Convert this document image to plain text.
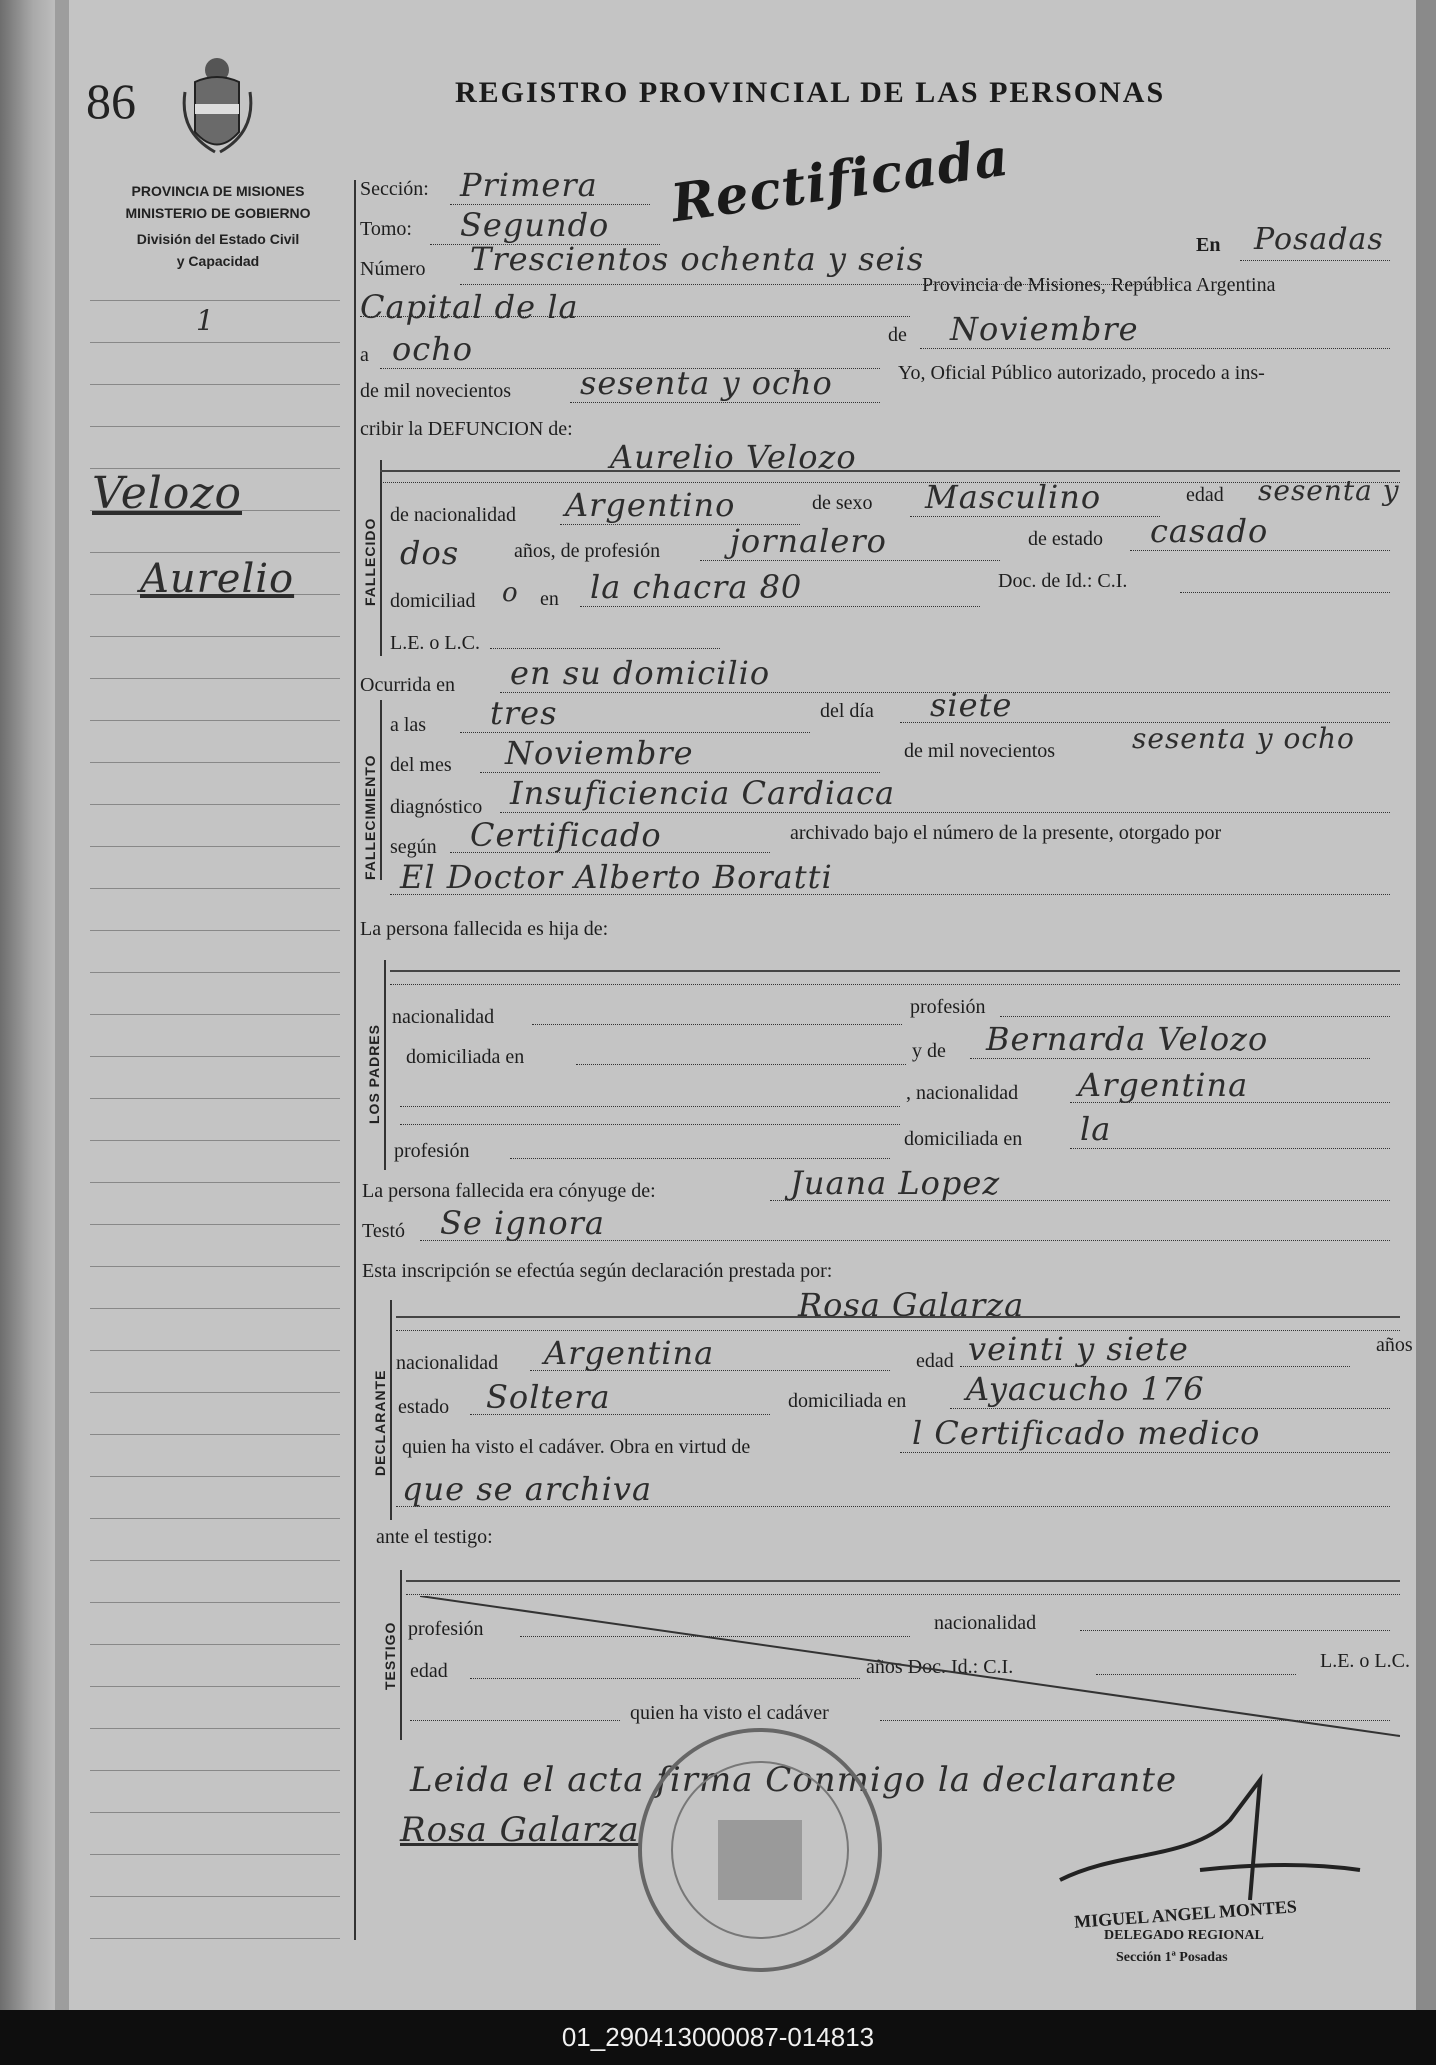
86	REGISTRO PROVINCIAL DE LAS PERSONAS
Rectificada
PROVINCIA DE MISIONES
MINISTERIO DE GOBIERNO
División del Estado Civil
y Capacidad
1
Velozo
Aurelio
Sección: Primera
Tomo: Segundo
Número Trescientos ochenta y seis	En Posadas
Capital de la
Provincia de Misiones, República Argentina
a ocho	de Noviembre
de mil novecientos sesenta y ocho	Yo, Oficial Público autorizado, procedo a ins-
cribir la DEFUNCION de:
FALLECIDO
Aurelio Velozo
de nacionalidad Argentino	de sexo Masculino	edad sesenta y
dos	años, de profesión jornalero	de estado casado
domiciliad o en la chacra 80	Doc. de Id.: C.I.
L.E. o L.C.
Ocurrida en en su domicilio
FALLECIMIENTO
a las tres	del día siete
del mes Noviembre	de mil novecientos	sesenta y ocho
diagnóstico Insuficiencia Cardiaca
según Certificado	archivado bajo el número de la presente, otorgado por
El Doctor Alberto Boratti
La persona fallecida es hija de:
LOS PADRES
nacionalidad	profesión
domiciliada en	y de Bernarda Velozo
, nacionalidad Argentina
profesión
domiciliada en la
La persona fallecida era cónyuge de:	Juana Lopez
Testó Se ignora
Esta inscripción se efectúa según declaración prestada por:
DECLARANTE
Rosa Galarza
nacionalidad Argentina	edad veinti y siete	años
estado Soltera	domiciliada en Ayacucho 176
quien ha visto el cadáver. Obra en virtud de	l Certificado medico
que se archiva
ante el testigo:
TESTIGO profesión	nacionalidad
edad	años Doc. Id.: C.I.	L.E. o L.C.
quien ha visto el cadáver
Leida el acta firma Conmigo la declarante
Rosa Galarza
MIGUEL ANGEL MONTES
DELEGADO REGIONAL
Sección 1ª Posadas
01_290413000087-014813
